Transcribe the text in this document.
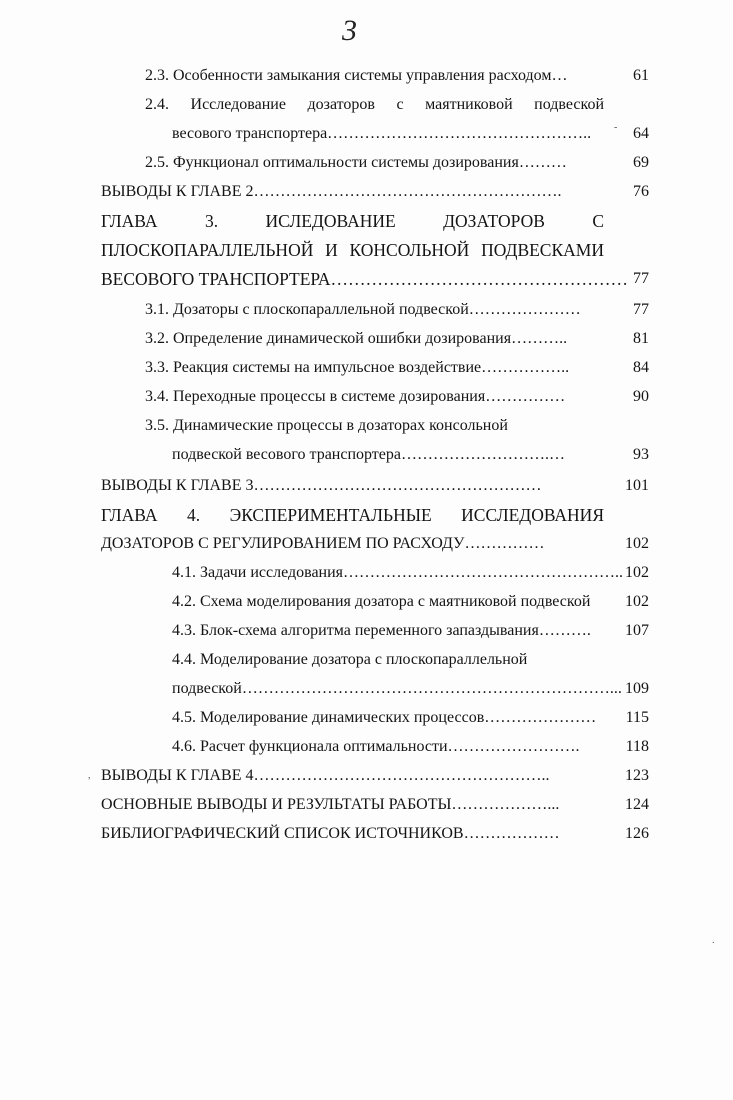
3
2.3. Особенности замыкания системы управления расходом…	61
2.4. Исследование дозаторов с маятниковой подвеской
весового транспортера…………………………………………..	64
2.5. Функционал оптимальности системы дозирования………	69
ВЫВОДЫ К ГЛАВЕ 2………………………………………………….	76
ГЛАВА 3. ИСЛЕДОВАНИЕ ДОЗАТОРОВ С
ПЛОСКОПАРАЛЛЕЛЬНОЙ И КОНСОЛЬНОЙ ПОДВЕСКАМИ
ВЕСОВОГО ТРАНСПОРТЕРА…………………………………………… 77
3.1. Дозаторы с плоскопараллельной подвеской…………………	77
3.2. Определение динамической ошибки дозирования………..	81
3.3. Реакция системы на импульсное воздействие……………..	84
3.4. Переходные процессы в системе дозирования……………	90
3.5. Динамические процессы в дозаторах консольной
подвеской весового транспортера……………………….…	93
ВЫВОДЫ К ГЛАВЕ 3………………………………………………	101
ГЛАВА 4. ЭКСПЕРИМЕНТАЛЬНЫЕ ИССЛЕДОВАНИЯ
ДОЗАТОРОВ С РЕГУЛИРОВАНИЕМ ПО РАСХОДУ……………	102
4.1. Задачи исследования…………………………………………….. 102
4.2. Схема моделирования дозатора с маятниковой подвеской 102
4.3. Блок-схема алгоритма переменного запаздывания………. 107
4.4. Моделирование дозатора с плоскопараллельной
подвеской……………………………………………………………... 109
4.5. Моделирование динамических процессов………………… 115
4.6. Расчет функционала оптимальности…………………….	118
ВЫВОДЫ К ГЛАВЕ 4………………………………………………..	123
ОСНОВНЫЕ ВЫВОДЫ И РЕЗУЛЬТАТЫ РАБОТЫ………………...	124
БИБЛИОГРАФИЧЕСКИЙ СПИСОК ИСТОЧНИКОВ………………	126
,
-
.
